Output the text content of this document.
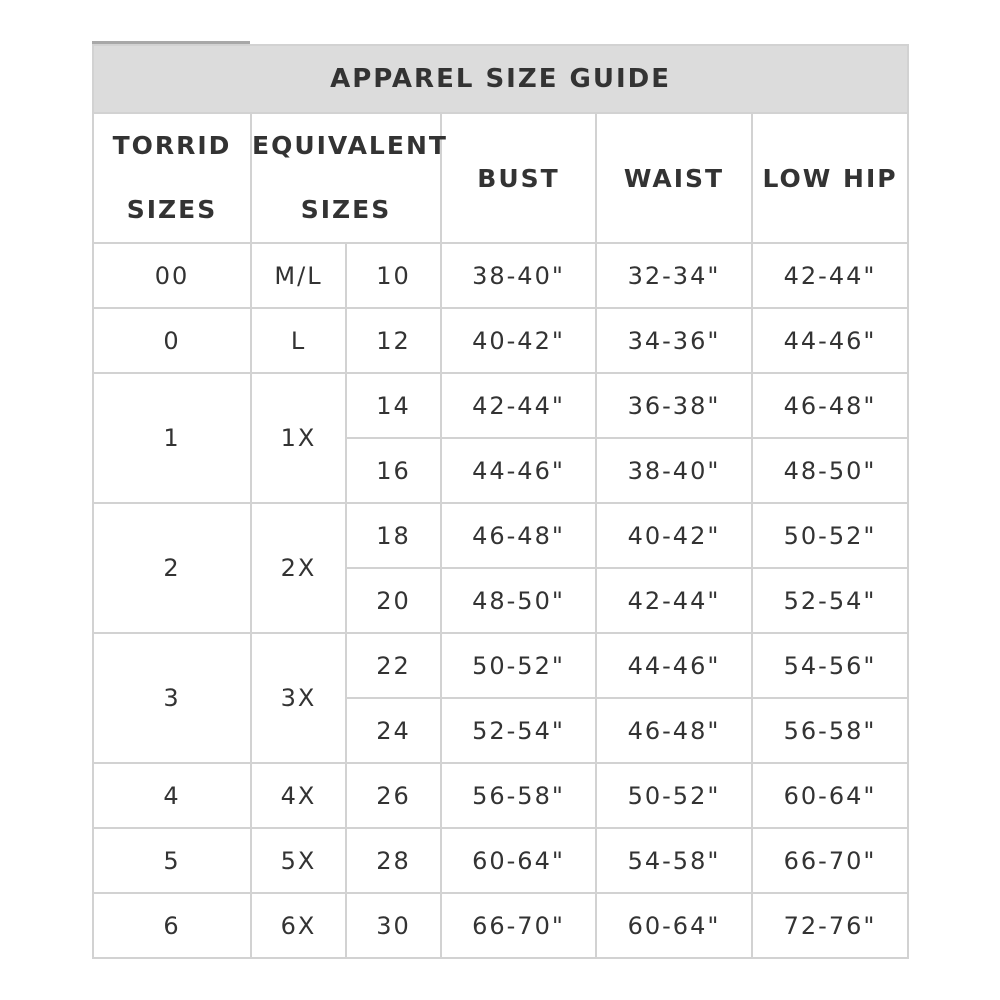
APPAREL SIZE GUIDE					
TORRID
SIZES	EQUIVALENT
SIZES		BUST	WAIST	LOW HIP
00	M/L	10	38-40"	32-34"	42-44"
0	L	12	40-42"	34-36"	44-46"
1	1X	14	42-44"	36-38"	46-48"
		16	44-46"	38-40"	48-50"
2	2X	18	46-48"	40-42"	50-52"
		20	48-50"	42-44"	52-54"
3	3X	22	50-52"	44-46"	54-56"
		24	52-54"	46-48"	56-58"
4	4X	26	56-58"	50-52"	60-64"
5	5X	28	60-64"	54-58"	66-70"
6	6X	30	66-70"	60-64"	72-76"
